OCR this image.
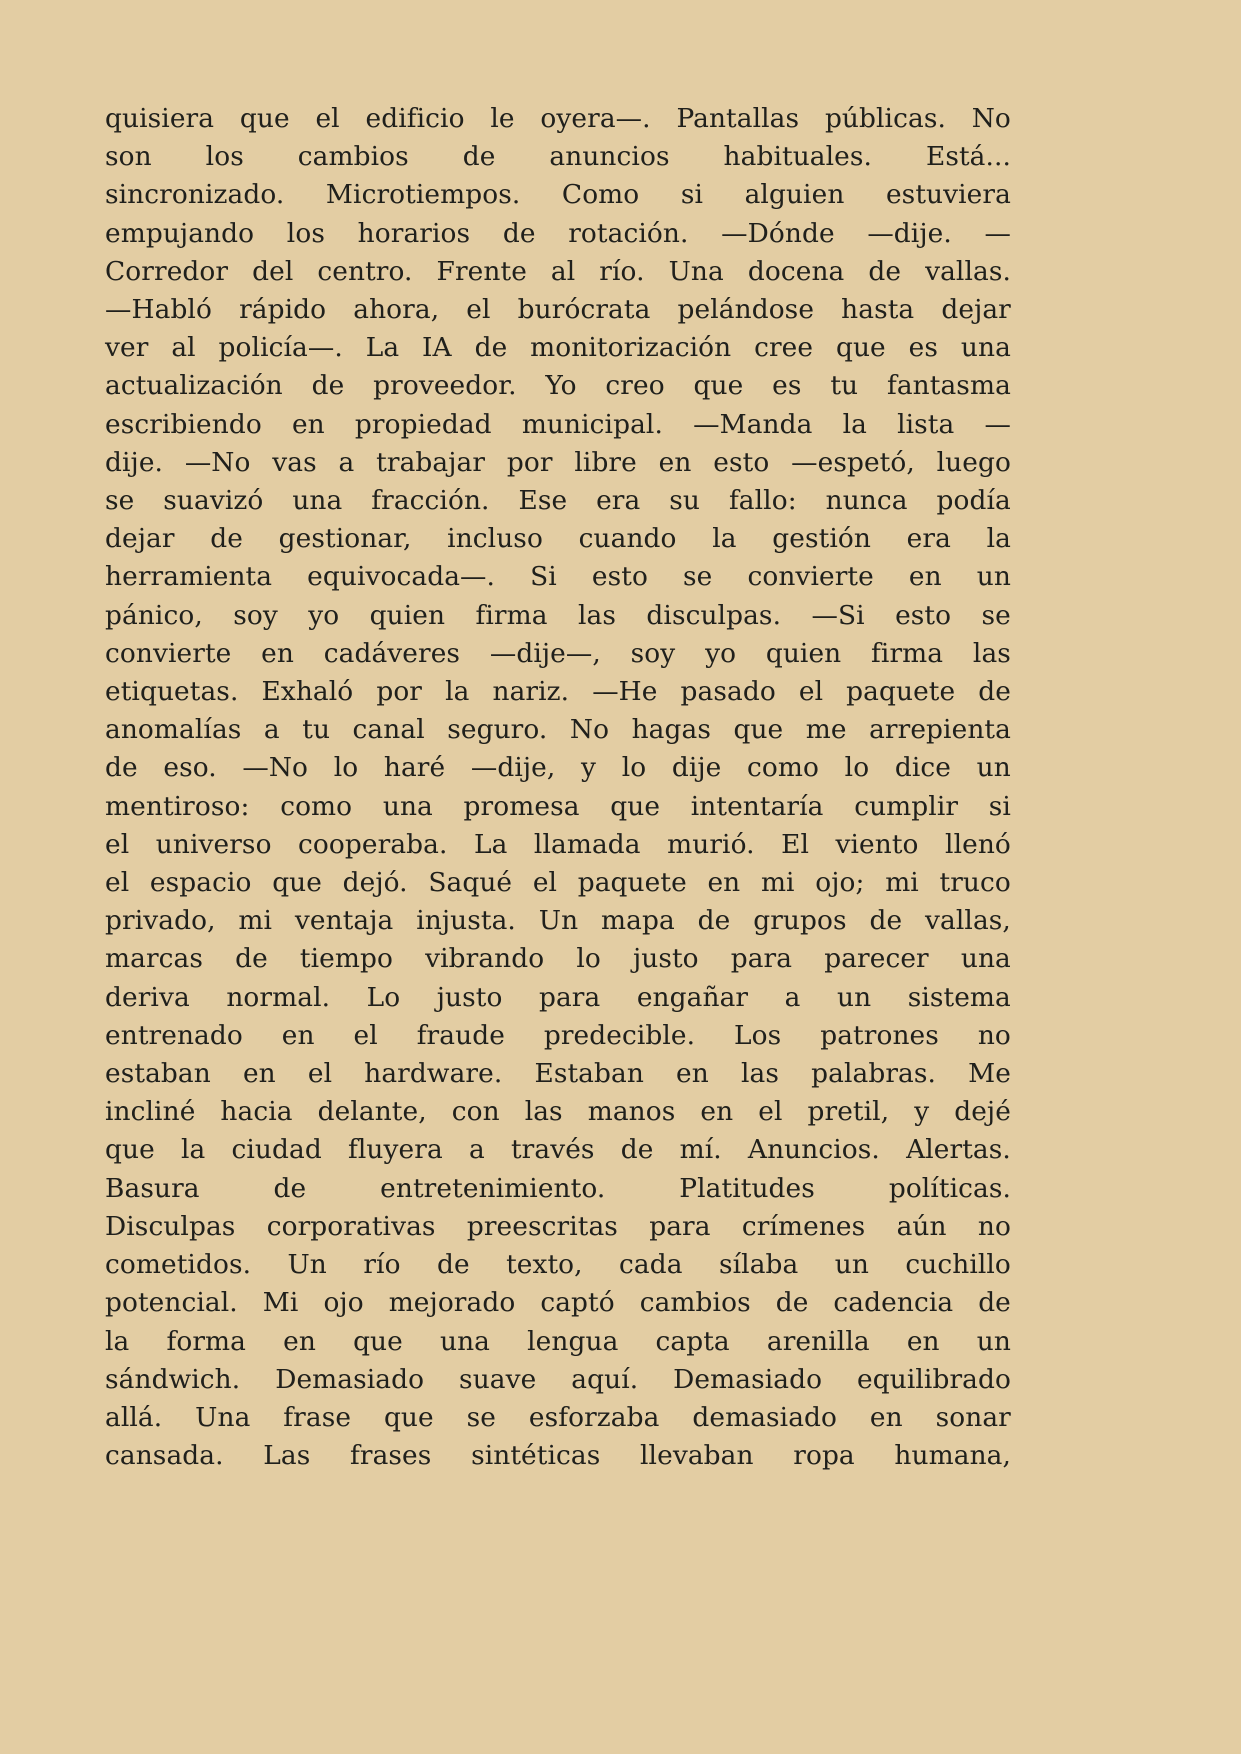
quisiera que el edificio le oyera—. Pantallas públicas. No
son los cambios de anuncios habituales. Está...
sincronizado. Microtiempos. Como si alguien estuviera
empujando los horarios de rotación. —Dónde —dije. —
Corredor del centro. Frente al río. Una docena de vallas.
—Habló rápido ahora, el burócrata pelándose hasta dejar
ver al policía—. La IA de monitorización cree que es una
actualización de proveedor. Yo creo que es tu fantasma
escribiendo en propiedad municipal. —Manda la lista —
dije. —No vas a trabajar por libre en esto —espetó, luego
se suavizó una fracción. Ese era su fallo: nunca podía
dejar de gestionar, incluso cuando la gestión era la
herramienta equivocada—. Si esto se convierte en un
pánico, soy yo quien firma las disculpas. —Si esto se
convierte en cadáveres —dije—, soy yo quien firma las
etiquetas. Exhaló por la nariz. —He pasado el paquete de
anomalías a tu canal seguro. No hagas que me arrepienta
de eso. —No lo haré —dije, y lo dije como lo dice un
mentiroso: como una promesa que intentaría cumplir si
el universo cooperaba. La llamada murió. El viento llenó
el espacio que dejó. Saqué el paquete en mi ojo; mi truco
privado, mi ventaja injusta. Un mapa de grupos de vallas,
marcas de tiempo vibrando lo justo para parecer una
deriva normal. Lo justo para engañar a un sistema
entrenado en el fraude predecible. Los patrones no
estaban en el hardware. Estaban en las palabras. Me
incliné hacia delante, con las manos en el pretil, y dejé
que la ciudad fluyera a través de mí. Anuncios. Alertas.
Basura	de	entretenimiento.	Platitudes	políticas.
Disculpas corporativas preescritas para crímenes aún no
cometidos. Un río de texto, cada sílaba un cuchillo
potencial. Mi ojo mejorado captó cambios de cadencia de
la forma en que una lengua capta arenilla en un
sándwich. Demasiado suave aquí. Demasiado equilibrado
allá. Una frase que se esforzaba demasiado en sonar
cansada. Las frases sintéticas llevaban ropa humana,
